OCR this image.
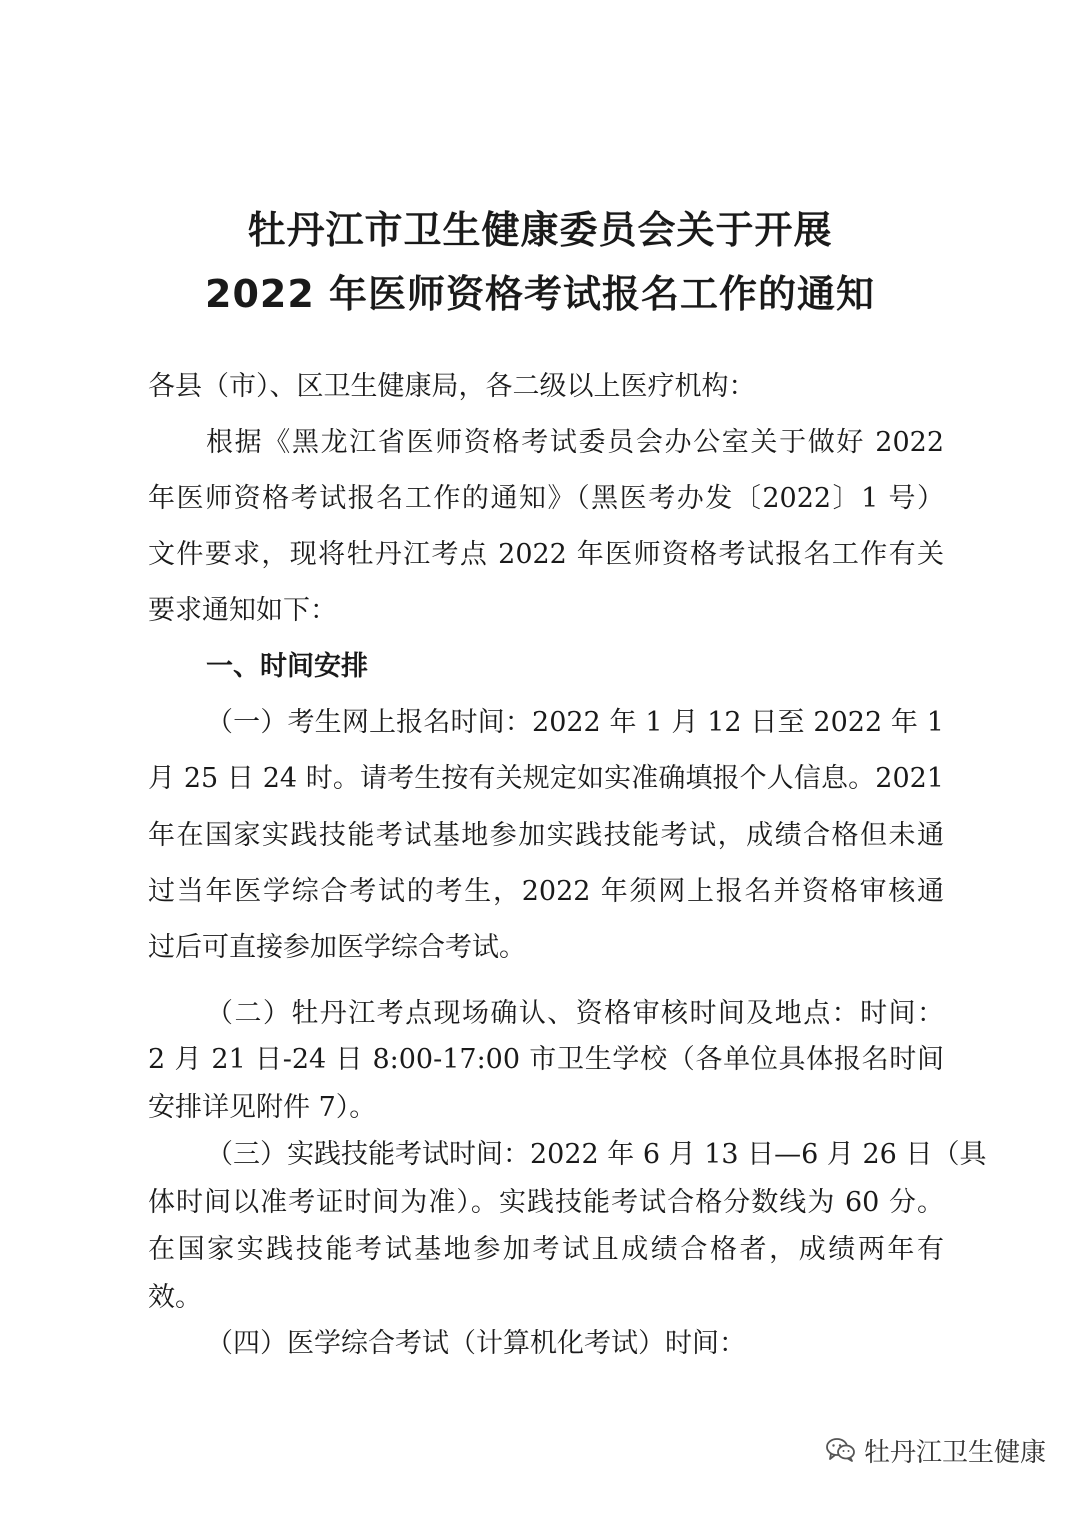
牡丹江市卫生健康委员会关于开展
2022 年医师资格考试报名工作的通知
各县（市）、区卫生健康局，各二级以上医疗机构：
根据《黑龙江省医师资格考试委员会办公室关于做好 2022
年医师资格考试报名工作的通知》（黑医考办发〔2022〕1 号）
文件要求，现将牡丹江考点 2022 年医师资格考试报名工作有关
要求通知如下：
一、时间安排
（一）考生网上报名时间：2022 年 1 月 12 日至 2022 年 1
月 25 日 24 时。请考生按有关规定如实准确填报个人信息。2021
年在国家实践技能考试基地参加实践技能考试，成绩合格但未通
过当年医学综合考试的考生，2022 年须网上报名并资格审核通
过后可直接参加医学综合考试。
（二）牡丹江考点现场确认、资格审核时间及地点：时间：
2 月 21 日-24 日 8:00-17:00 市卫生学校（各单位具体报名时间
安排详见附件 7）。
（三）实践技能考试时间：2022 年 6 月 13 日—6 月 26 日（具
体时间以准考证时间为准）。实践技能考试合格分数线为 60 分。
在国家实践技能考试基地参加考试且成绩合格者，成绩两年有
效。
（四）医学综合考试（计算机化考试）时间：
牡丹江卫生健康
